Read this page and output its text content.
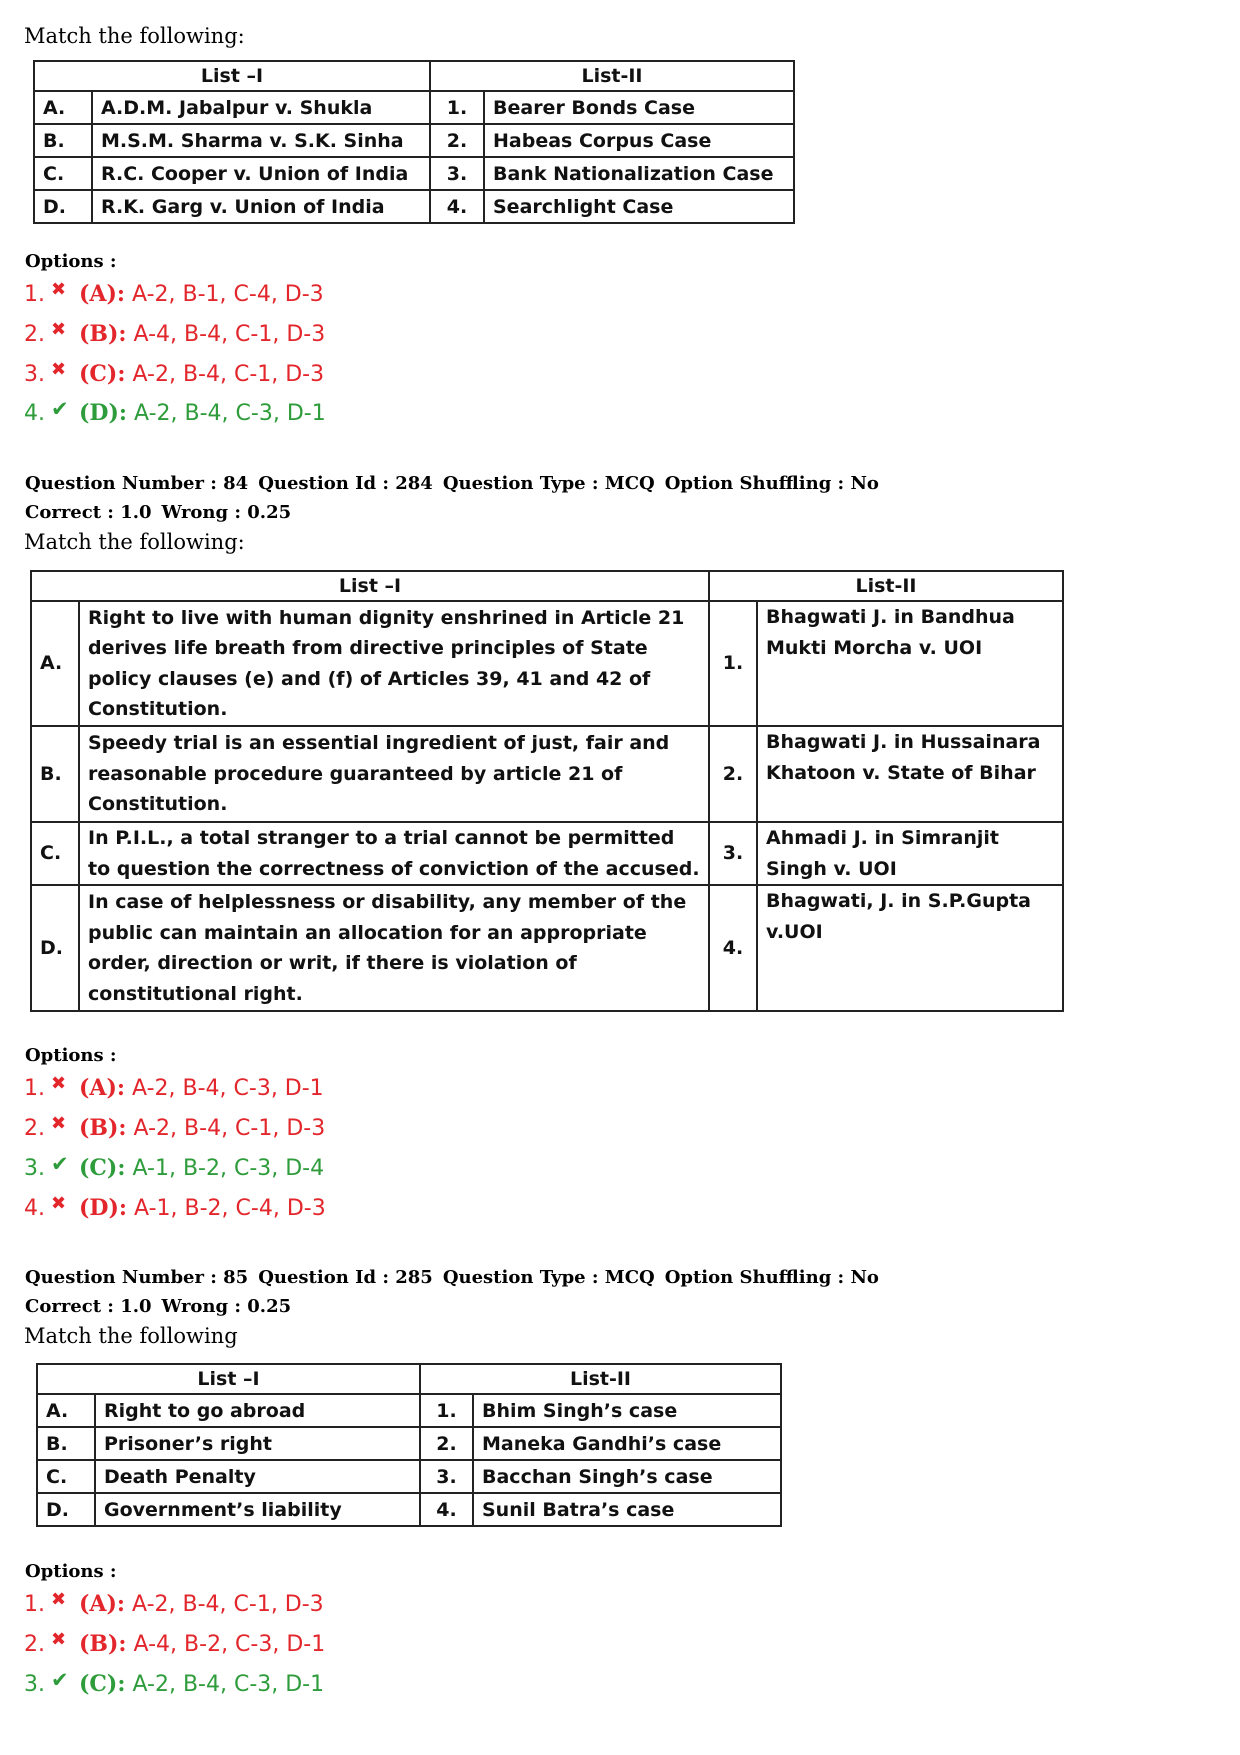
Match the following:
List –I		List-II	
A.	A.D.M. Jabalpur v. Shukla	1.	Bearer Bonds Case
B.	M.S.M. Sharma v. S.K. Sinha	2.	Habeas Corpus Case
C.	R.C. Cooper v. Union of India	3.	Bank Nationalization Case
D.	R.K. Garg v. Union of India	4.	Searchlight Case
Options :
1. ✖ (A): A-2, B-1, C-4, D-3
2. ✖ (B): A-4, B-4, C-1, D-3
3. ✖ (C): A-2, B-4, C-1, D-3
4. ✔ (D): A-2, B-4, C-3, D-1
Question Number : 84 Question Id : 284 Question Type : MCQ Option Shuffling : No
Correct : 1.0 Wrong : 0.25
Match the following:
List –I		List-II	
A.	Right to live with human dignity enshrined in Article 21 derives life breath from directive principles of State policy clauses (e) and (f) of Articles 39, 41 and 42 of Constitution.	1.	Bhagwati J. in Bandhua Mukti Morcha v. UOI
B.	Speedy trial is an essential ingredient of just, fair and reasonable procedure guaranteed by article 21 of Constitution.	2.	Bhagwati J. in Hussainara Khatoon v. State of Bihar
C.	In P.I.L., a total stranger to a trial cannot be permitted to question the correctness of conviction of the accused.	3.	Ahmadi J. in Simranjit Singh v. UOI
D.	In case of helplessness or disability, any member of the public can maintain an allocation for an appropriate order, direction or writ, if there is violation of constitutional right.	4.	Bhagwati, J. in S.P.Gupta v.UOI
Options :
1. ✖ (A): A-2, B-4, C-3, D-1
2. ✖ (B): A-2, B-4, C-1, D-3
3. ✔ (C): A-1, B-2, C-3, D-4
4. ✖ (D): A-1, B-2, C-4, D-3
Question Number : 85 Question Id : 285 Question Type : MCQ Option Shuffling : No
Correct : 1.0 Wrong : 0.25
Match the following
List –I		List-II	
A.	Right to go abroad	1.	Bhim Singh’s case
B.	Prisoner’s right	2.	Maneka Gandhi’s case
C.	Death Penalty	3.	Bacchan Singh’s case
D.	Government’s liability	4.	Sunil Batra’s case
Options :
1. ✖ (A): A-2, B-4, C-1, D-3
2. ✖ (B): A-4, B-2, C-3, D-1
3. ✔ (C): A-2, B-4, C-3, D-1
